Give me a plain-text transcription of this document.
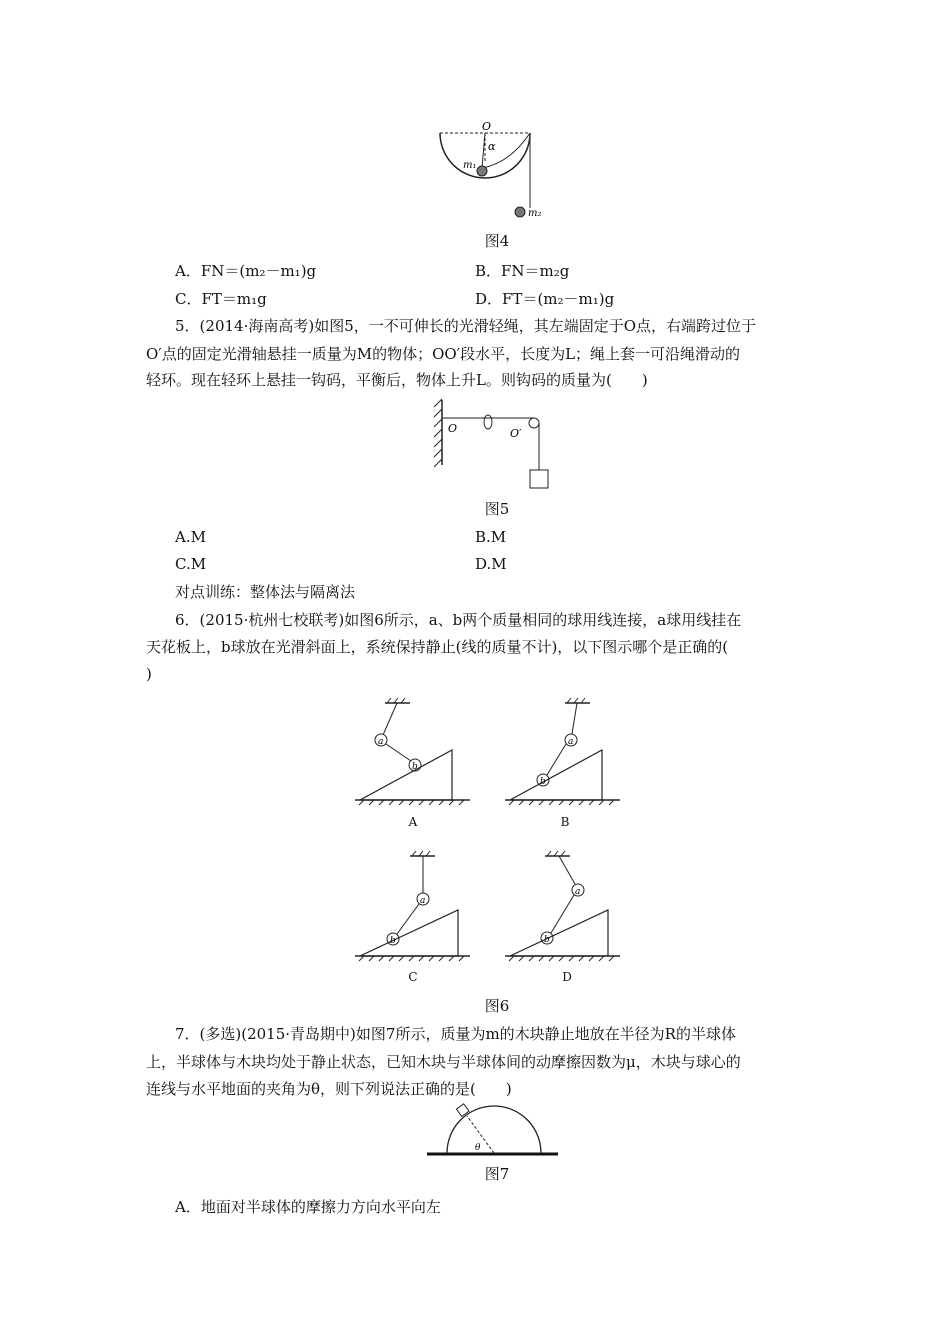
O
α
m₁
m₂
图4
A．FN＝(m₂－m₁)g	B．FN＝m₂g
C．FT＝m₁g	D．FT＝(m₂－m₁)g
5．(2014·海南高考)如图5，一不可伸长的光滑轻绳，其左端固定于O点，右端跨过位于
O′点的固定光滑轴悬挂一质量为M的物体；OO′段水平，长度为L；绳上套一可沿绳滑动的
轻环。现在轻环上悬挂一钩码，平衡后，物体上升L。则钩码的质量为(　　)
O	O′
图5
A.M	B.M
C.M	D.M
对点训练：整体法与隔离法
6．(2015·杭州七校联考)如图6所示，a、b两个质量相同的球用线连接，a球用线挂在
天花板上，b球放在光滑斜面上，系统保持静止(线的质量不计)，以下图示哪个是正确的(
)
a
b
A
a
b
B
a
b
C
a
b
D
图6
7．(多选)(2015·青岛期中)如图7所示，质量为m的木块静止地放在半径为R的半球体
上，半球体与木块均处于静止状态，已知木块与半球体间的动摩擦因数为μ，木块与球心的
连线与水平地面的夹角为θ，则下列说法正确的是(　　)
θ
图7
A．地面对半球体的摩擦力方向水平向左
